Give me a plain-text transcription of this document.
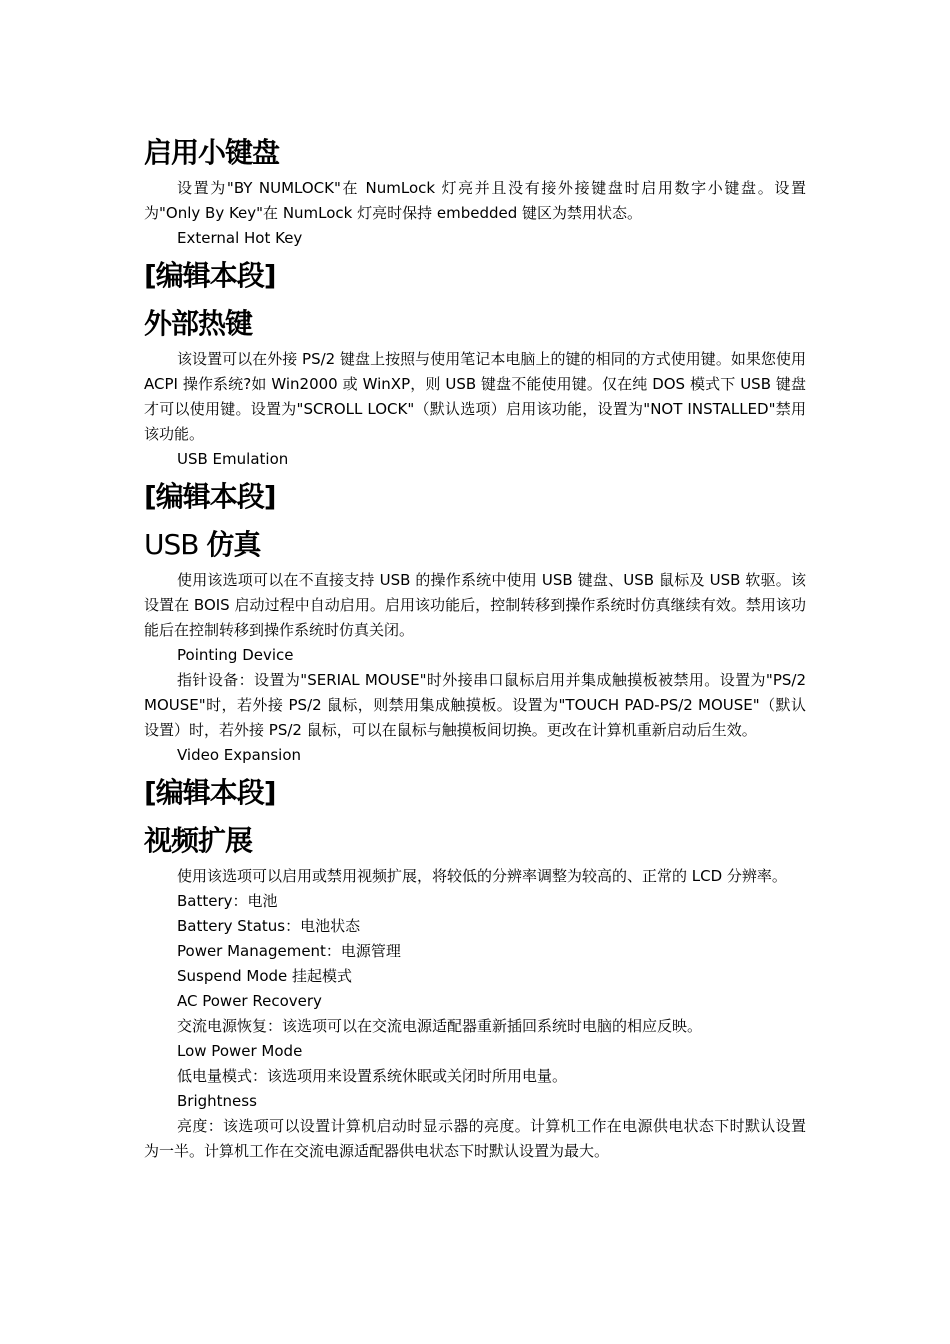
启用小键盘

设置为"BY NUMLOCK"在 NumLock 灯亮并且没有接外接键盘时启用数字小键盘。设置为"Only By Key"在 NumLock 灯亮时保持 embedded 键区为禁用状态。

External Hot Key

[编辑本段]
外部热键

该设置可以在外接 PS/2 键盘上按照与使用笔记本电脑上的键的相同的方式使用键。如果您使用 ACPI 操作系统?如 Win2000 或 WinXP，则 USB 键盘不能使用键。仅在纯 DOS 模式下 USB 键盘才可以使用键。设置为"SCROLL LOCK"（默认选项）启用该功能，设置为"NOT INSTALLED"禁用该功能。

USB Emulation

[编辑本段]
USB 仿真

使用该选项可以在不直接支持 USB 的操作系统中使用 USB 键盘、USB 鼠标及 USB 软驱。该设置在 BOIS 启动过程中自动启用。启用该功能后，控制转移到操作系统时仿真继续有效。禁用该功能后在控制转移到操作系统时仿真关闭。

Pointing Device

指针设备：设置为"SERIAL MOUSE"时外接串口鼠标启用并集成触摸板被禁用。设置为"PS/2 MOUSE"时，若外接 PS/2 鼠标，则禁用集成触摸板。设置为"TOUCH PAD-PS/2 MOUSE"（默认设置）时，若外接 PS/2 鼠标，可以在鼠标与触摸板间切换。更改在计算机重新启动后生效。

Video Expansion

[编辑本段]
视频扩展

使用该选项可以启用或禁用视频扩展，将较低的分辨率调整为较高的、正常的 LCD 分辨率。

Battery：电池

Battery Status：电池状态

Power Management：电源管理

Suspend Mode 挂起模式

AC Power Recovery

交流电源恢复：该选项可以在交流电源适配器重新插回系统时电脑的相应反映。

Low Power Mode

低电量模式：该选项用来设置系统休眠或关闭时所用电量。

Brightness

亮度：该选项可以设置计算机启动时显示器的亮度。计算机工作在电源供电状态下时默认设置为一半。计算机工作在交流电源适配器供电状态下时默认设置为最大。
